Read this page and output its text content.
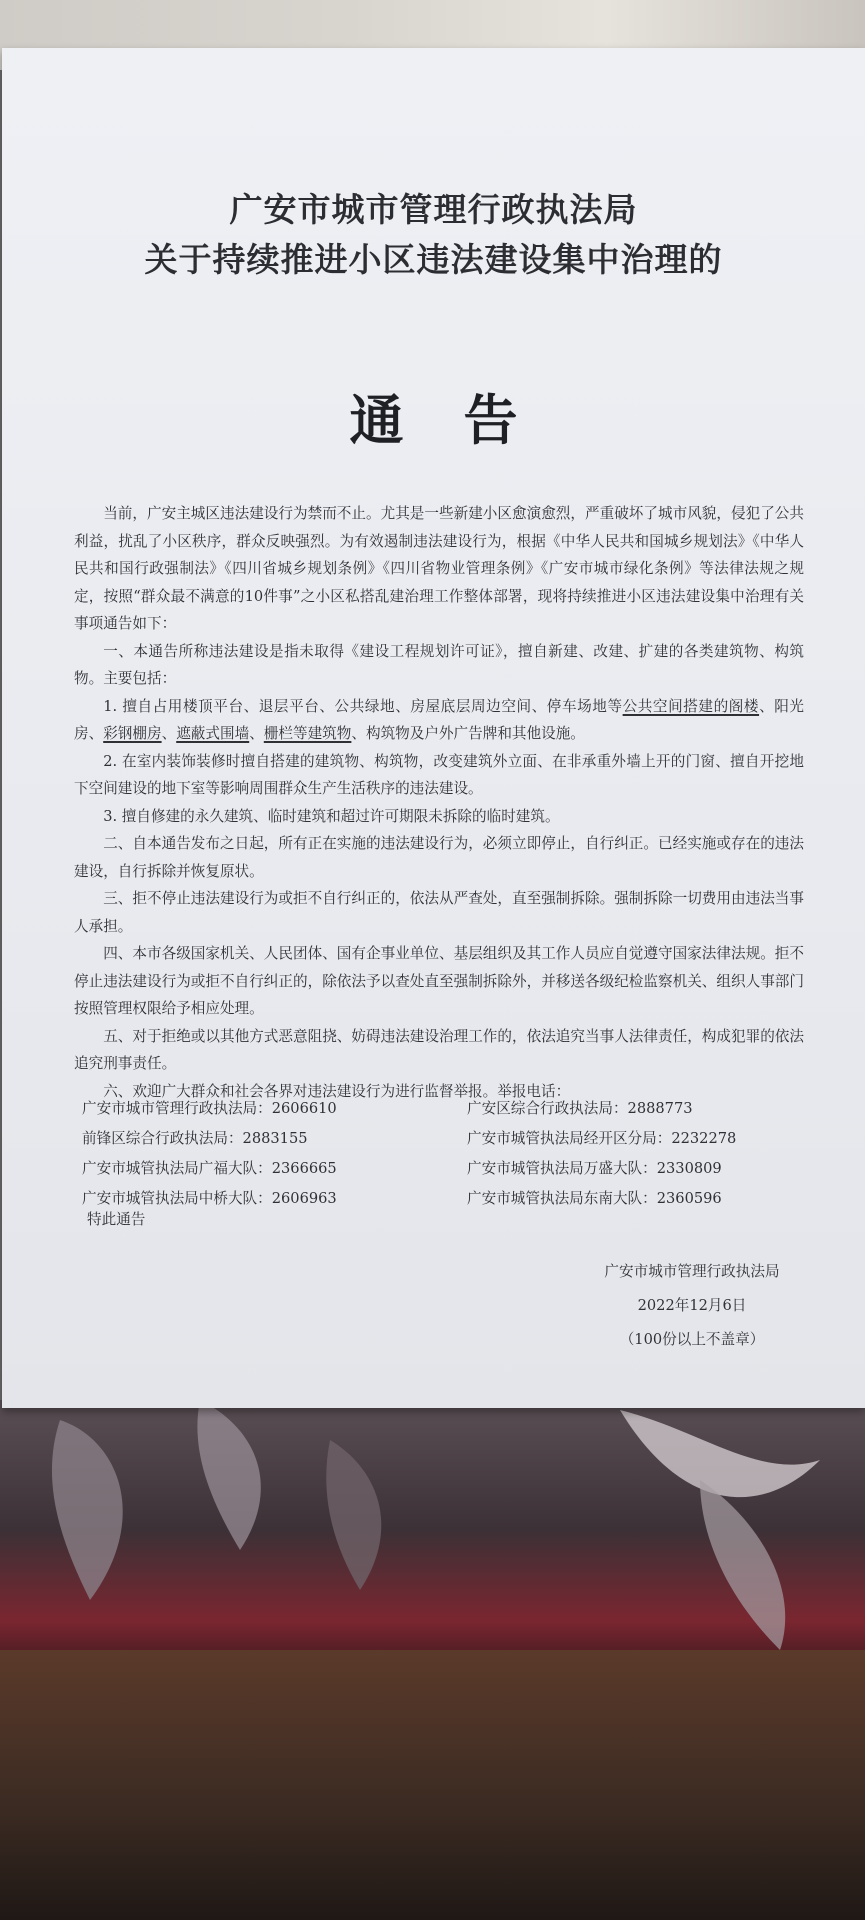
广安市城市管理行政执法局
关于持续推进小区违法建设集中治理的
通告

当前，广安主城区违法建设行为禁而不止。尤其是一些新建小区愈演愈烈，严重破坏了城市风貌，侵犯了公共利益，扰乱了小区秩序，群众反映强烈。为有效遏制违法建设行为，根据《中华人民共和国城乡规划法》《中华人民共和国行政强制法》《四川省城乡规划条例》《四川省物业管理条例》《广安市城市绿化条例》等法律法规之规定，按照“群众最不满意的10件事”之小区私搭乱建治理工作整体部署，现将持续推进小区违法建设集中治理有关事项通告如下：

一、本通告所称违法建设是指未取得《建设工程规划许可证》，擅自新建、改建、扩建的各类建筑物、构筑物。主要包括：

1. 擅自占用楼顶平台、退层平台、公共绿地、房屋底层周边空间、停车场地等公共空间搭建的阁楼、阳光房、彩钢棚房、遮蔽式围墙、栅栏等建筑物、构筑物及户外广告牌和其他设施。

2. 在室内装饰装修时擅自搭建的建筑物、构筑物，改变建筑外立面、在非承重外墙上开的门窗、擅自开挖地下空间建设的地下室等影响周围群众生产生活秩序的违法建设。

3. 擅自修建的永久建筑、临时建筑和超过许可期限未拆除的临时建筑。

二、自本通告发布之日起，所有正在实施的违法建设行为，必须立即停止，自行纠正。已经实施或存在的违法建设，自行拆除并恢复原状。

三、拒不停止违法建设行为或拒不自行纠正的，依法从严查处，直至强制拆除。强制拆除一切费用由违法当事人承担。

四、本市各级国家机关、人民团体、国有企事业单位、基层组织及其工作人员应自觉遵守国家法律法规。拒不停止违法建设行为或拒不自行纠正的，除依法予以查处直至强制拆除外，并移送各级纪检监察机关、组织人事部门按照管理权限给予相应处理。

五、对于拒绝或以其他方式恶意阻挠、妨碍违法建设治理工作的，依法追究当事人法律责任，构成犯罪的依法追究刑事责任。

六、欢迎广大群众和社会各界对违法建设行为进行监督举报。举报电话：

广安市城市管理行政执法局：2606610	广安区综合行政执法局：2888773
前锋区综合行政执法局：2883155	广安市城管执法局经开区分局：2232278
广安市城管执法局广福大队：2366665	广安市城管执法局万盛大队：2330809
广安市城管执法局中桥大队：2606963	广安市城管执法局东南大队：2360596
特此通告
广安市城市管理行政执法局
2022年12月6日
（100份以上不盖章）
